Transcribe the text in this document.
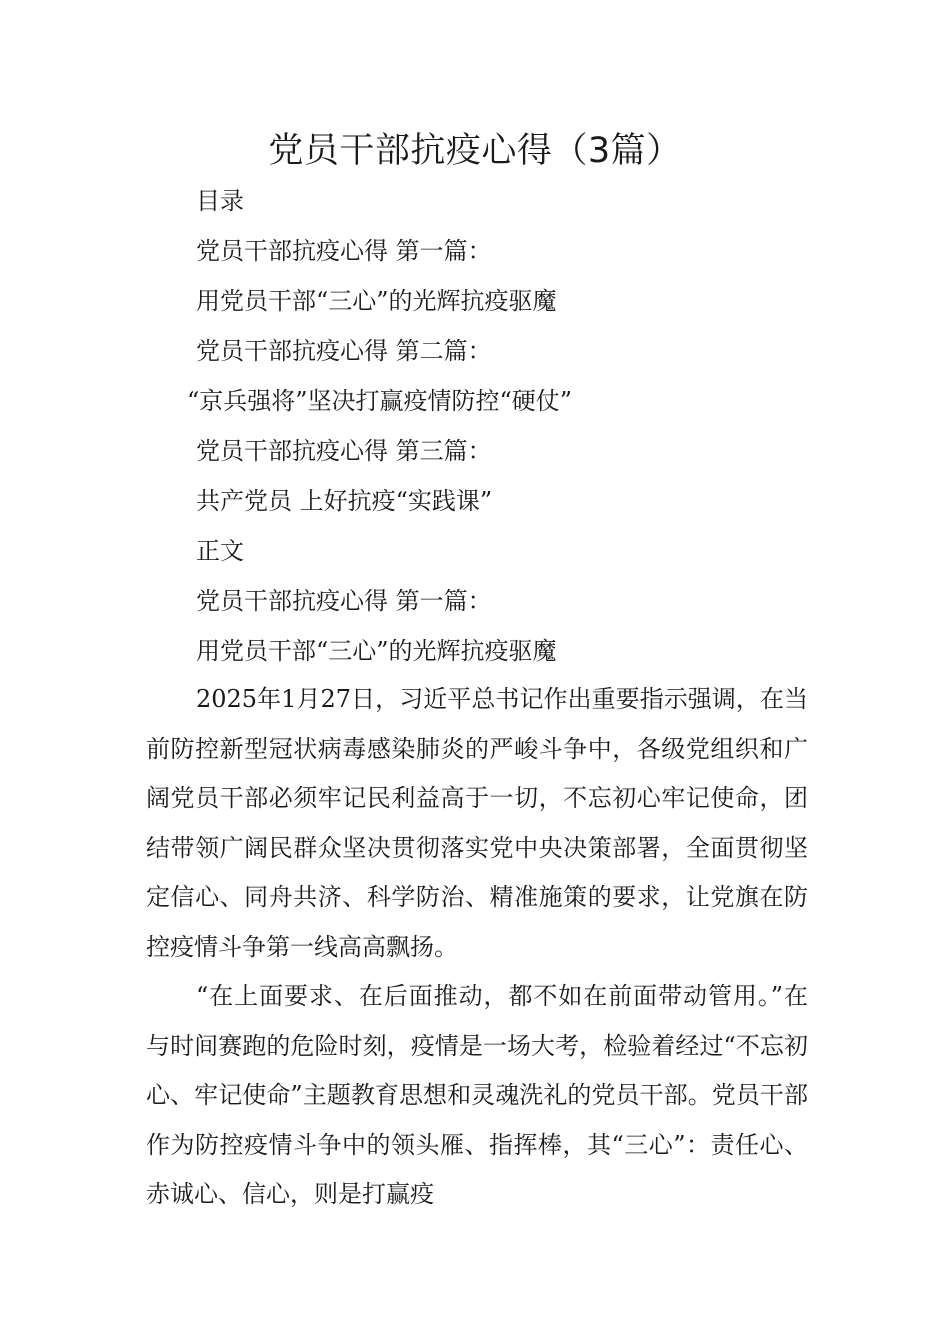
党员干部抗疫心得（3篇）
目录
党员干部抗疫心得 第一篇：
用党员干部“三心”的光辉抗疫驱魔
党员干部抗疫心得 第二篇：
“京兵强将”坚决打赢疫情防控“硬仗”
党员干部抗疫心得 第三篇：
共产党员 上好抗疫“实践课”
正文
党员干部抗疫心得 第一篇：
用党员干部“三心”的光辉抗疫驱魔

2025年1月27日，习近平总书记作出重要指示强调，在当前防控新型冠状病毒感染肺炎的严峻斗争中，各级党组织和广阔党员干部必须牢记民利益高于一切，不忘初心牢记使命，团结带领广阔民群众坚决贯彻落实党中央决策部署，全面贯彻坚定信心、同舟共济、科学防治、精准施策的要求，让党旗在防控疫情斗争第一线高高飘扬。

“在上面要求、在后面推动，都不如在前面带动管用。”在与时间赛跑的危险时刻，疫情是一场大考，检验着经过“不忘初心、牢记使命”主题教育思想和灵魂洗礼的党员干部。党员干部作为防控疫情斗争中的领头雁、指挥棒，其“三心”：责任心、赤诚心、信心，则是打赢疫
